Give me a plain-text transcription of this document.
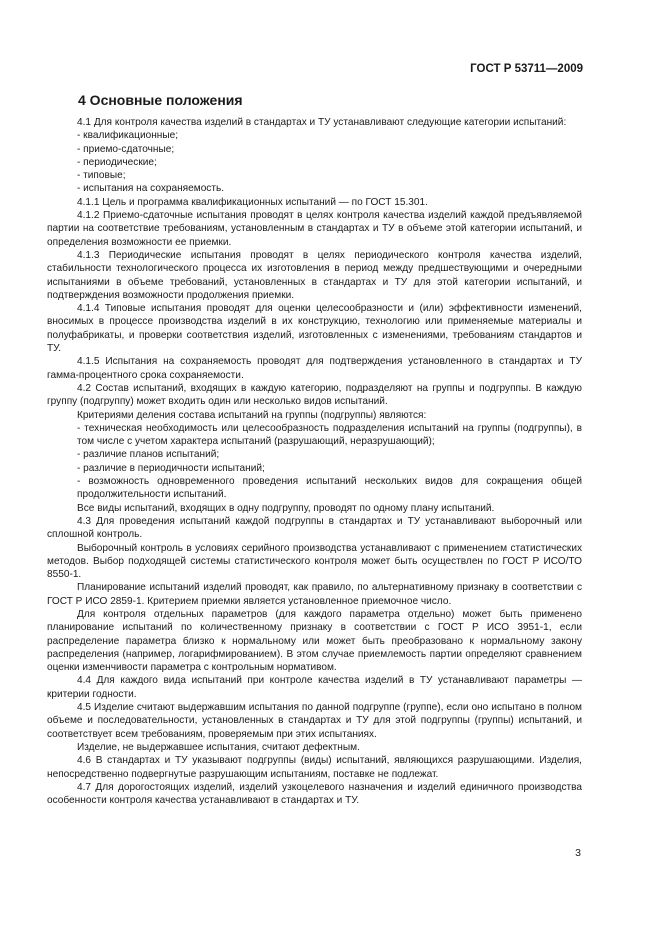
ГОСТ Р 53711—2009
4 Основные положения

4.1 Для контроля качества изделий в стандартах и ТУ устанавливают следующие категории испытаний:

- квалификационные;

- приемо-сдаточные;

- периодические;

- типовые;

- испытания на сохраняемость.

4.1.1 Цель и программа квалификационных испытаний — по ГОСТ 15.301.

4.1.2 Приемо-сдаточные испытания проводят в целях контроля качества изделий каждой предъявляемой партии на соответствие требованиям, установленным в стандартах и ТУ в объеме этой категории испытаний, и определения возможности ее приемки.

4.1.3 Периодические испытания проводят в целях периодического контроля качества изделий, стабильности технологического процесса их изготовления в период между предшествующими и очередными испытаниями в объеме требований, установленных в стандартах и ТУ для этой категории испытаний, и подтверждения возможности продолжения приемки.

4.1.4 Типовые испытания проводят для оценки целесообразности и (или) эффективности изменений, вносимых в процессе производства изделий в их конструкцию, технологию или применяемые материалы и полуфабрикаты, и проверки соответствия изделий, изготовленных с изменениями, требованиям стандартов и ТУ.

4.1.5 Испытания на сохраняемость проводят для подтверждения установленного в стандартах и ТУ гамма-процентного срока сохраняемости.

4.2 Состав испытаний, входящих в каждую категорию, подразделяют на группы и подгруппы. В каждую группу (подгруппу) может входить один или несколько видов испытаний.

Критериями деления состава испытаний на группы (подгруппы) являются:

- техническая необходимость или целесообразность подразделения испытаний на группы (подгруппы), в том числе с учетом характера испытаний (разрушающий, неразрушающий);

- различие планов испытаний;

- различие в периодичности испытаний;

- возможность одновременного проведения испытаний нескольких видов для сокращения общей продолжительности испытаний.

Все виды испытаний, входящих в одну подгруппу, проводят по одному плану испытаний.

4.3 Для проведения испытаний каждой подгруппы в стандартах и ТУ устанавливают выборочный или сплошной контроль.

Выборочный контроль в условиях серийного производства устанавливают с применением статистических методов. Выбор подходящей системы статистического контроля может быть осуществлен по ГОСТ Р ИСО/ТО 8550-1.

Планирование испытаний изделий проводят, как правило, по альтернативному признаку в соответствии с ГОСТ Р ИСО 2859-1. Критерием приемки является установленное приемочное число.

Для контроля отдельных параметров (для каждого параметра отдельно) может быть применено планирование испытаний по количественному признаку в соответствии с ГОСТ Р ИСО 3951-1, если распределение параметра близко к нормальному или может быть преобразовано к нормальному закону распределения (например, логарифмированием). В этом случае приемлемость партии определяют сравнением оценки изменчивости параметра с контрольным нормативом.

4.4 Для каждого вида испытаний при контроле качества изделий в ТУ устанавливают параметры — критерии годности.

4.5 Изделие считают выдержавшим испытания по данной подгруппе (группе), если оно испытано в полном объеме и последовательности, установленных в стандартах и ТУ для этой подгруппы (группы) испытаний, и соответствует всем требованиям, проверяемым при этих испытаниях.

Изделие, не выдержавшее испытания, считают дефектным.

4.6 В стандартах и ТУ указывают подгруппы (виды) испытаний, являющихся разрушающими. Изделия, непосредственно подвергнутые разрушающим испытаниям, поставке не подлежат.

4.7 Для дорогостоящих изделий, изделий узкоцелевого назначения и изделий единичного производства особенности контроля качества устанавливают в стандартах и ТУ.

3
